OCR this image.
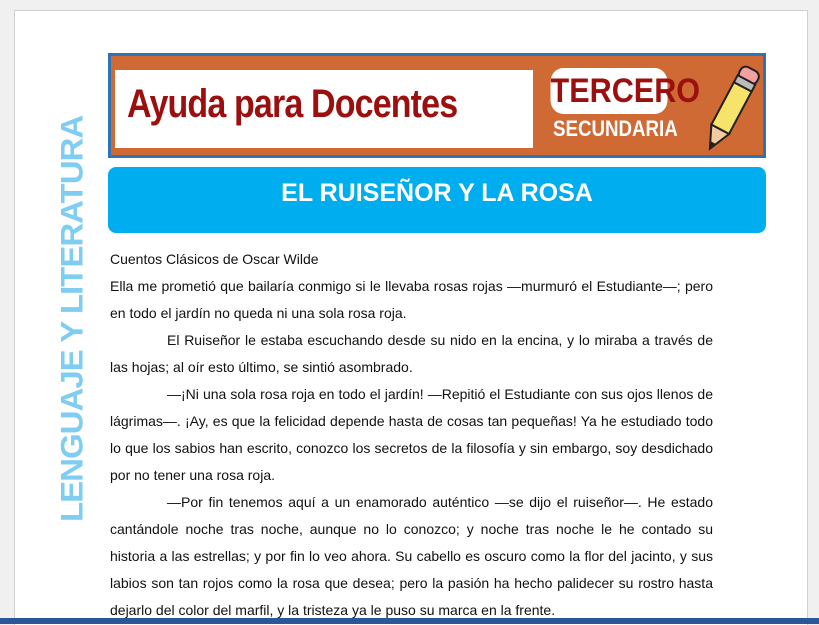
Ayuda para Docentes	TERCERO
SECUNDARIA
EL RUISEÑOR Y LA ROSA
LENGUAJE Y LITERATURA Cuentos Clásicos de Oscar Wilde

Ella me prometió que bailaría conmigo si le llevaba rosas rojas —murmuró el Estudiante—; pero en todo el jardín no queda ni una sola rosa roja.

El Ruiseñor le estaba escuchando desde su nido en la encina, y lo miraba a través de las hojas; al oír esto último, se sintió asombrado.

—¡Ni una sola rosa roja en todo el jardín! —Repitió el Estudiante con sus ojos llenos de lágrimas—. ¡Ay, es que la felicidad depende hasta de cosas tan pequeñas! Ya he estudiado todo lo que los sabios han escrito, conozco los secretos de la filosofía y sin embargo, soy desdichado por no tener una rosa roja.

—Por fin tenemos aquí a un enamorado auténtico —se dijo el ruiseñor—. He estado cantándole noche tras noche, aunque no lo conozco; y noche tras noche le he contado su historia a las estrellas; y por fin lo veo ahora. Su cabello es oscuro como la flor del jacinto, y sus labios son tan rojos como la rosa que desea; pero la pasión ha hecho palidecer su rostro hasta dejarlo del color del marfil, y la tristeza ya le puso su marca en la frente.
